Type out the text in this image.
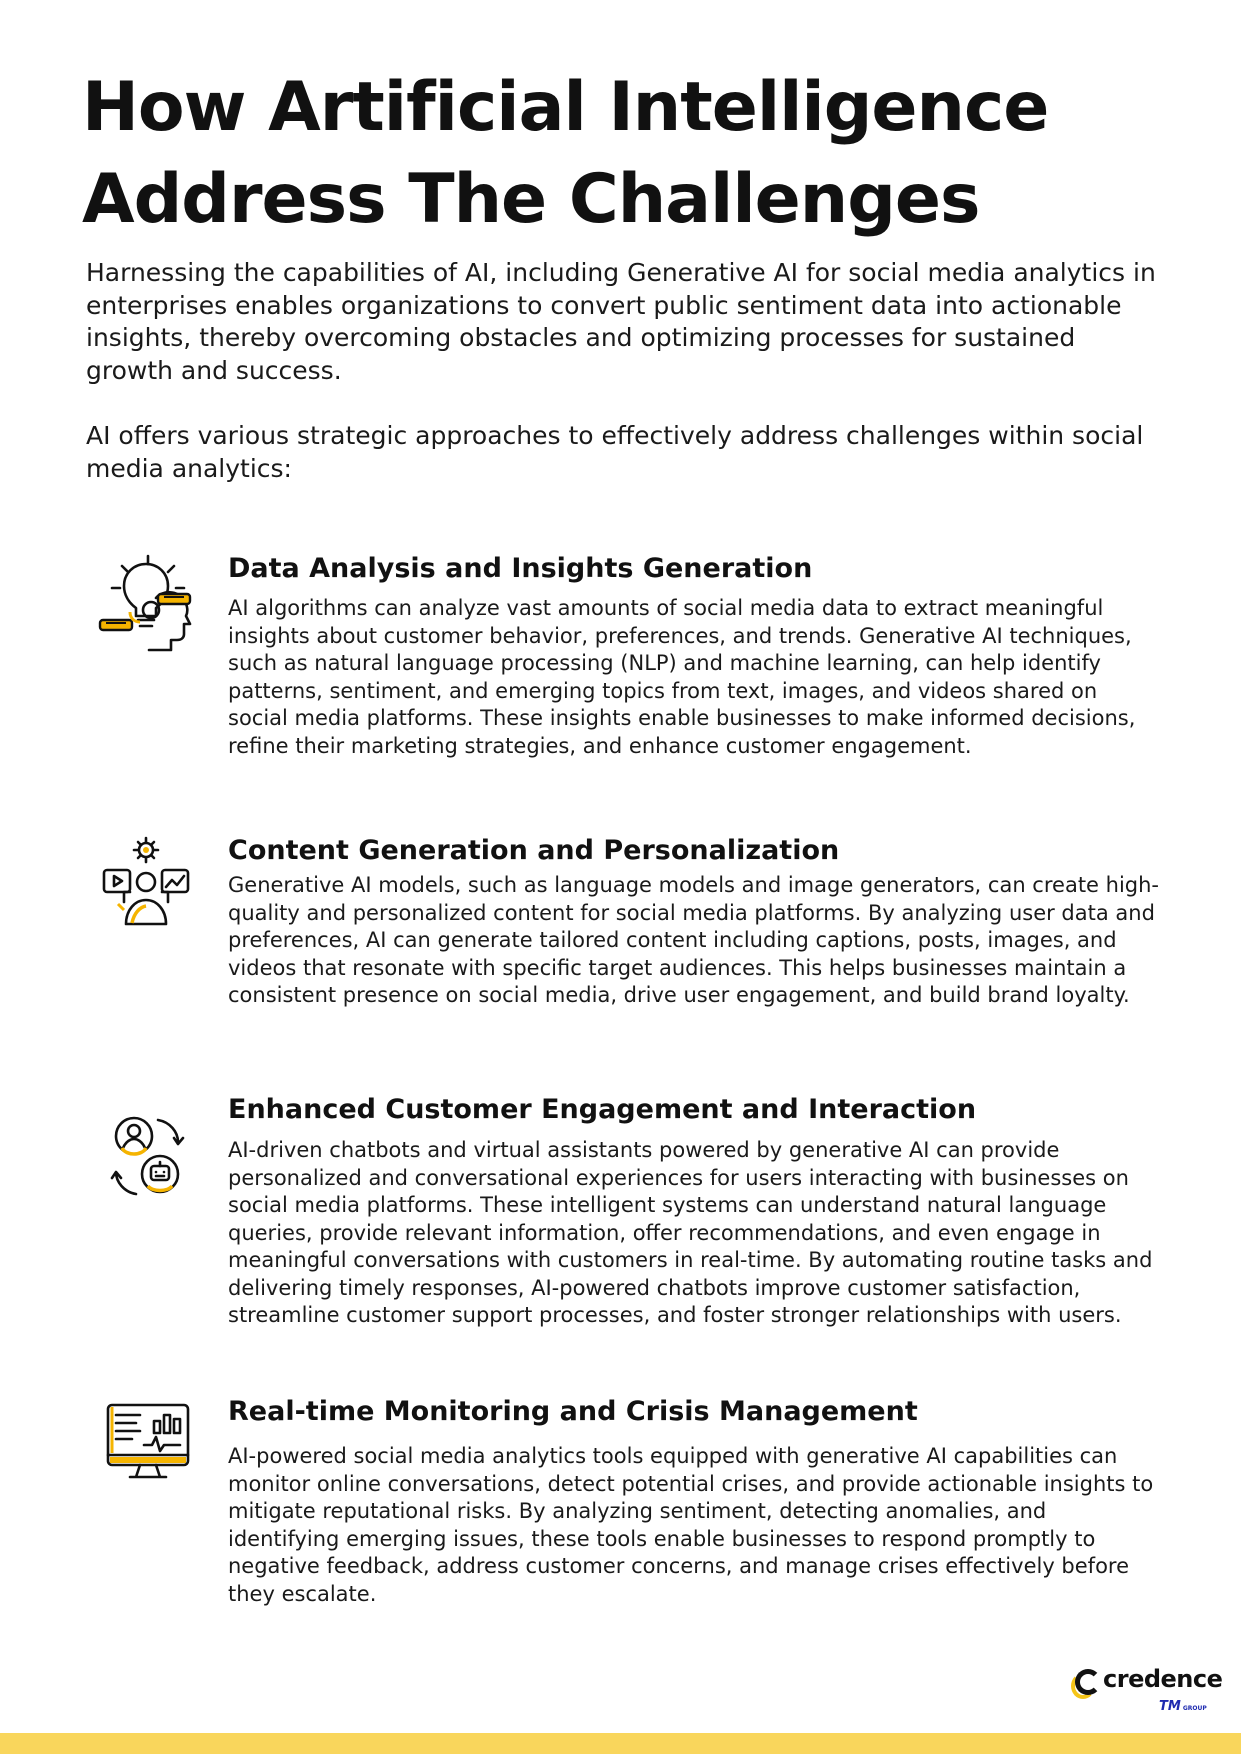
How Artificial Intelligence
Address The Challenges

Harnessing the capabilities of AI, including Generative AI for social media analytics in enterprises enables organizations to convert public sentiment data into actionable insights, thereby overcoming obstacles and optimizing processes for sustained growth and success.

AI offers various strategic approaches to effectively address challenges within social media analytics:

Data Analysis and Insights Generation

AI algorithms can analyze vast amounts of social media data to extract meaningful insights about customer behavior, preferences, and trends. Generative AI techniques, such as natural language processing (NLP) and machine learning, can help identify patterns, sentiment, and emerging topics from text, images, and videos shared on social media platforms. These insights enable businesses to make informed decisions, refine their marketing strategies, and enhance customer engagement.

Content Generation and Personalization

Generative AI models, such as language models and image generators, can create high-quality and personalized content for social media platforms. By analyzing user data and preferences, AI can generate tailored content including captions, posts, images, and videos that resonate with specific target audiences. This helps businesses maintain a consistent presence on social media, drive user engagement, and build brand loyalty.

Enhanced Customer Engagement and Interaction

AI-driven chatbots and virtual assistants powered by generative AI can provide personalized and conversational experiences for users interacting with businesses on social media platforms. These intelligent systems can understand natural language queries, provide relevant information, offer recommendations, and even engage in meaningful conversations with customers in real-time. By automating routine tasks and delivering timely responses, AI-powered chatbots improve customer satisfaction, streamline customer support processes, and foster stronger relationships with users.

Real-time Monitoring and Crisis Management

AI-powered social media analytics tools equipped with generative AI capabilities can monitor online conversations, detect potential crises, and provide actionable insights to mitigate reputational risks. By analyzing sentiment, detecting anomalies, and identifying emerging issues, these tools enable businesses to respond promptly to negative feedback, address customer concerns, and manage crises effectively before they escalate.

credence
TM GROUP
